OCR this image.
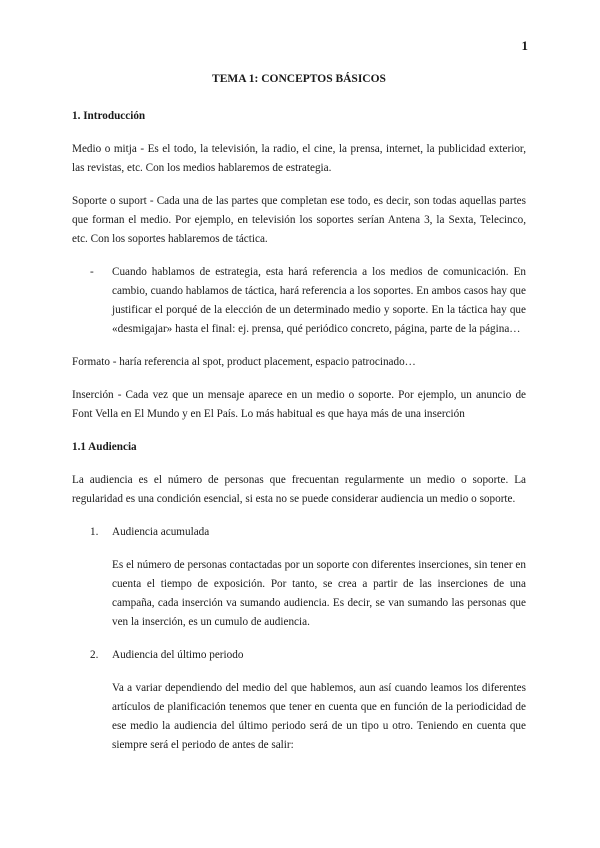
1
TEMA 1: CONCEPTOS BÁSICOS
1. Introducción

Medio o mitja - Es el todo, la televisión, la radio, el cine, la prensa, internet, la publicidad exterior, las revistas, etc. Con los medios hablaremos de estrategia.

Soporte o suport - Cada una de las partes que completan ese todo, es decir, son todas aquellas partes que forman el medio. Por ejemplo, en televisión los soportes serían Antena 3, la Sexta, Telecinco, etc. Con los soportes hablaremos de táctica.

-	Cuando hablamos de estrategia, esta hará referencia a los medios de comunicación. En cambio, cuando hablamos de táctica, hará referencia a los soportes. En ambos casos hay que justificar el porqué de la elección de un determinado medio y soporte. En la táctica hay que «desmigajar» hasta el final: ej. prensa, qué periódico concreto, página, parte de la página…

Formato - haría referencia al spot, product placement, espacio patrocinado…

Inserción - Cada vez que un mensaje aparece en un medio o soporte. Por ejemplo, un anuncio de Font Vella en El Mundo y en El País. Lo más habitual es que haya más de una inserción

1.1 Audiencia

La audiencia es el número de personas que frecuentan regularmente un medio o soporte. La regularidad es una condición esencial, si esta no se puede considerar audiencia un medio o soporte.

1.	Audiencia acumulada

Es el número de personas contactadas por un soporte con diferentes inserciones, sin tener en cuenta el tiempo de exposición. Por tanto, se crea a partir de las inserciones de una campaña, cada inserción va sumando audiencia. Es decir, se van sumando las personas que ven la inserción, es un cumulo de audiencia.

2.	Audiencia del último periodo

Va a variar dependiendo del medio del que hablemos, aun así cuando leamos los diferentes artículos de planificación tenemos que tener en cuenta que en función de la periodicidad de ese medio la audiencia del último periodo será de un tipo u otro. Teniendo en cuenta que siempre será el periodo de antes de salir:
